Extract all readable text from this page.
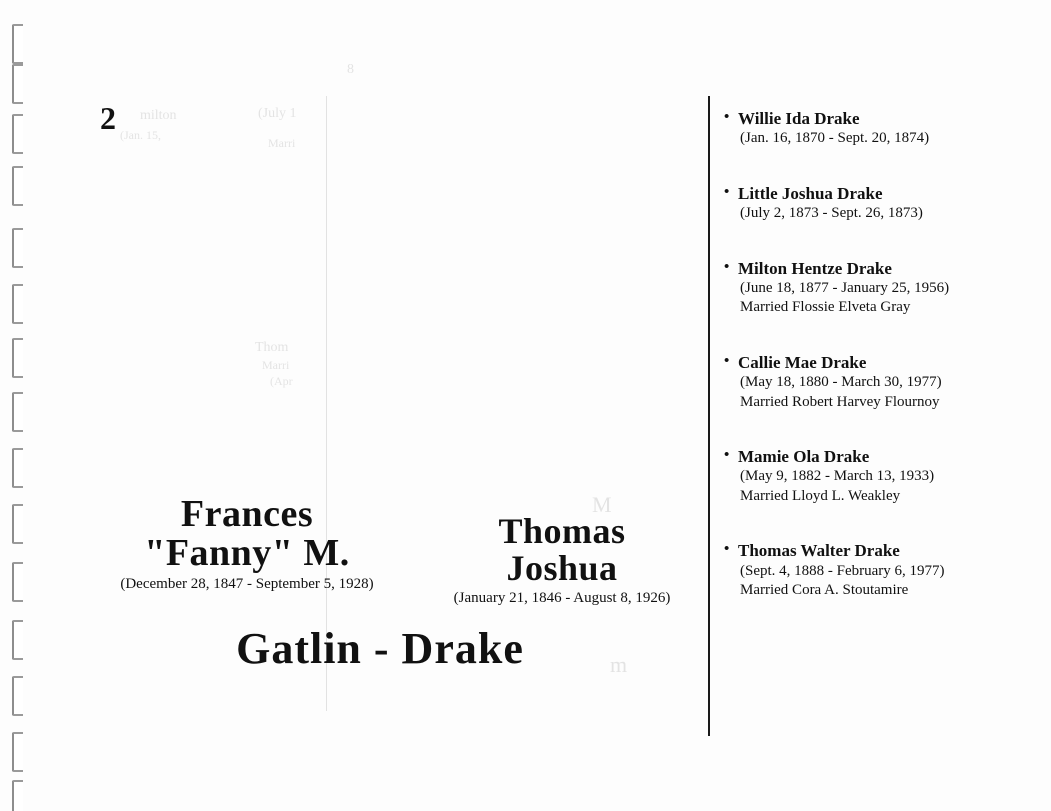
milton	(July 1
(Jan. 15,
Marri
8
Thom
Marri
(Apr
M
m
2
Frances
"Fanny" M.
(December 28, 1847 - September 5, 1928)
Thomas
Joshua
(January 21, 1846 - August 8, 1926)
Gatlin - Drake
• Willie Ida Drake
(Jan. 16, 1870 - Sept. 20, 1874)
• Little Joshua Drake
(July 2, 1873 - Sept. 26, 1873)
• Milton Hentze Drake
(June 18, 1877 - January 25, 1956)
Married Flossie Elveta Gray
• Callie Mae Drake
(May 18, 1880 - March 30, 1977)
Married Robert Harvey Flournoy
• Mamie Ola Drake
(May 9, 1882 - March 13, 1933)
Married Lloyd L. Weakley
• Thomas Walter Drake
(Sept. 4, 1888 - February 6, 1977)
Married Cora A. Stoutamire
